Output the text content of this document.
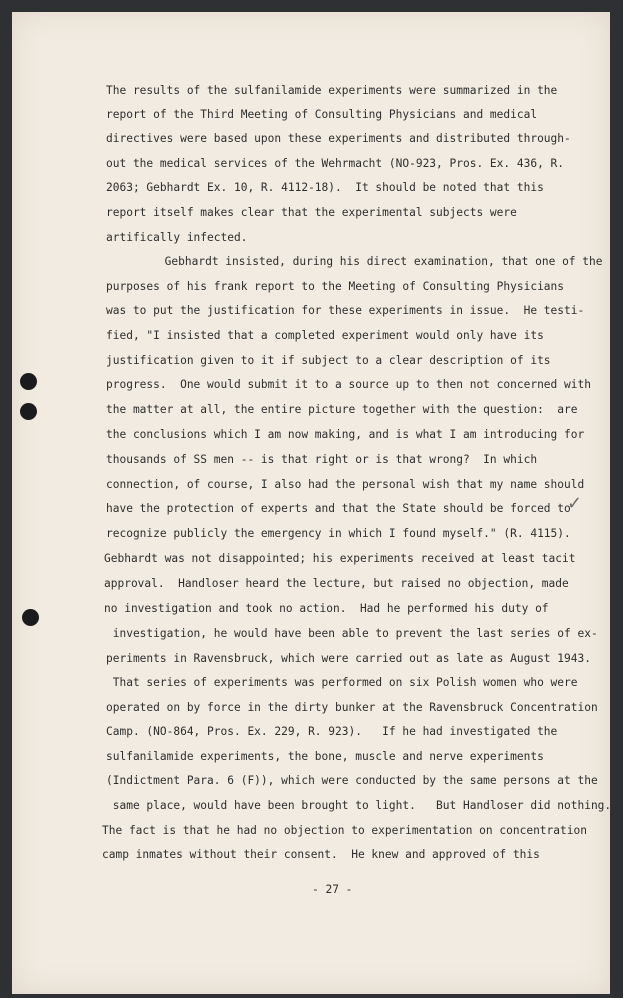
The results of the sulfanilamide experiments were summarized in the
report of the Third Meeting of Consulting Physicians and medical
directives were based upon these experiments and distributed through-
out the medical services of the Wehrmacht (NO-923, Pros. Ex. 436, R.
2063; Gebhardt Ex. 10, R. 4112-18).  It should be noted that this
report itself makes clear that the experimental subjects were
artifically infected.
Gebhardt insisted, during his direct examination, that one of the
purposes of his frank report to the Meeting of Consulting Physicians
was to put the justification for these experiments in issue.  He testi-
fied, "I insisted that a completed experiment would only have its
justification given to it if subject to a clear description of its
progress.  One would submit it to a source up to then not concerned with
the matter at all, the entire picture together with the question:  are
the conclusions which I am now making, and is what I am introducing for
thousands of SS men -- is that right or is that wrong?  In which
connection, of course, I also had the personal wish that my name should
have the protection of experts and that the State should be forced to
recognize publicly the emergency in which I found myself." (R. 4115).
Gebhardt was not disappointed; his experiments received at least tacit
approval.  Handloser heard the lecture, but raised no objection, made
no investigation and took no action.  Had he performed his duty of
investigation, he would have been able to prevent the last series of ex-
periments in Ravensbruck, which were carried out as late as August 1943.
That series of experiments was performed on six Polish women who were
operated on by force in the dirty bunker at the Ravensbruck Concentration
Camp. (NO-864, Pros. Ex. 229, R. 923).   If he had investigated the
sulfanilamide experiments, the bone, muscle and nerve experiments
(Indictment Para. 6 (F)), which were conducted by the same persons at the
same place, would have been brought to light.   But Handloser did nothing.
The fact is that he had no objection to experimentation on concentration
camp inmates without their consent.  He knew and approved of this
✓
- 27 -
